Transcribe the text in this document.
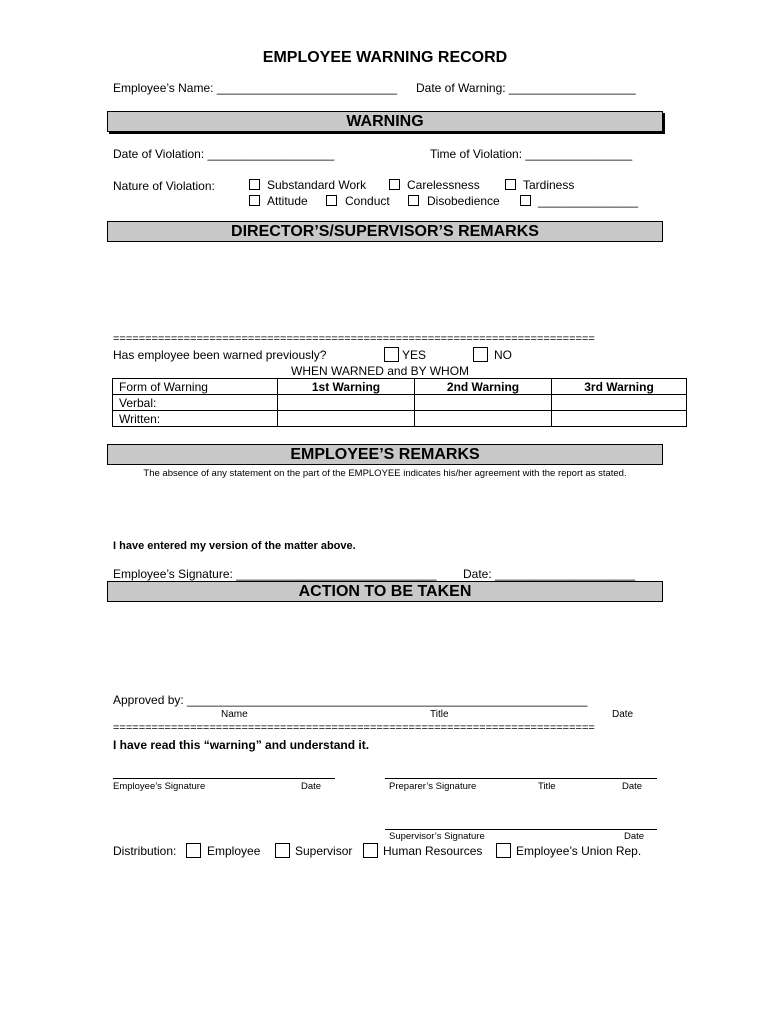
EMPLOYEE WARNING RECORD
Employee’s Name: ___________________________ Date of Warning: ___________________
WARNING
Date of Violation: ___________________	Time of Violation: ________________
Nature of Violation:	Substandard Work	Carelessness	Tardiness
Attitude	Conduct	Disobedience	_______________
DIRECTOR’S/SUPERVISOR’S REMARKS
===========================================================================
Has employee been warned previously?	YES	NO
WHEN WARNED and BY WHOM
Form of Warning	1st Warning	2nd Warning	3rd Warning
Verbal:			
Written:			
EMPLOYEE’S REMARKS
The absence of any statement on the part of the EMPLOYEE indicates his/her agreement with the report as stated.
I have entered my version of the matter above.
Employee’s Signature: ______________________________ Date: _____________________
ACTION TO BE TAKEN
Approved by: ____________________________________________________________
Name	Title	Date
===========================================================================
I have read this “warning” and understand it.
Employee’s Signature	Date	Preparer’s Signature	Title	Date
Supervisor’s Signature	Date
Distribution:	Employee	Supervisor	Human Resources	Employee’s Union Rep.
